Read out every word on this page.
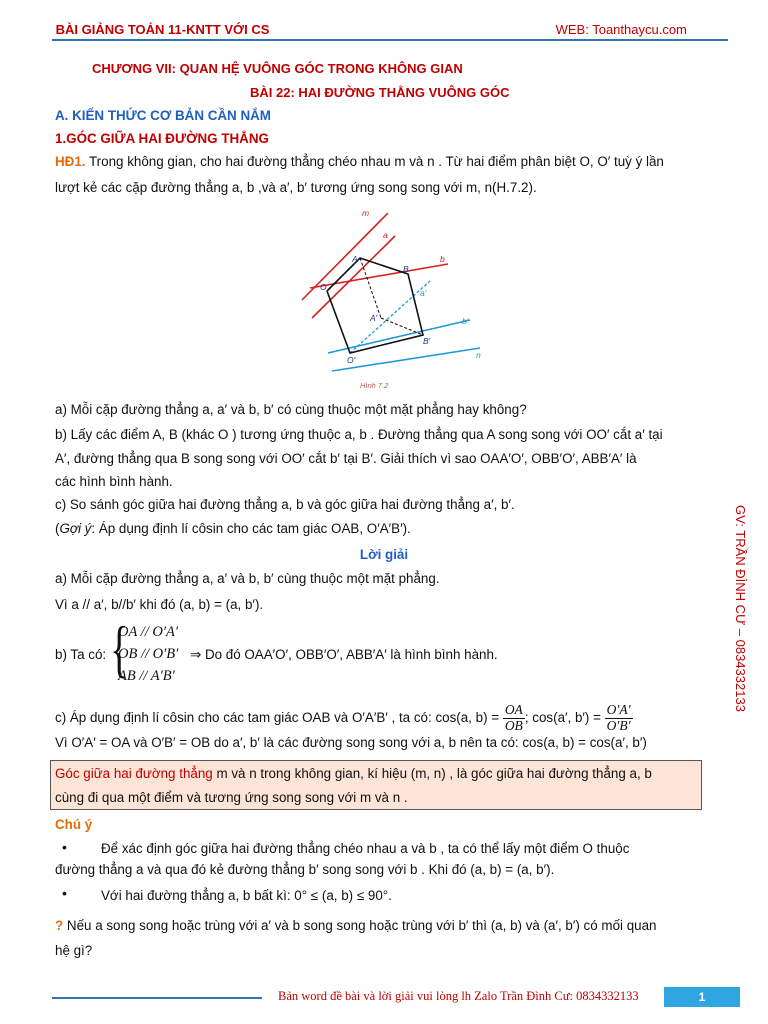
BÀI GIẢNG TOÁN 11-KNTT VỚI CS	WEB: Toanthaycu.com
CHƯƠNG VII: QUAN HỆ VUÔNG GÓC TRONG KHÔNG GIAN
BÀI 22: HAI ĐƯỜNG THẲNG VUÔNG GÓC
A. KIẾN THỨC CƠ BẢN CẦN NẮM
1.GÓC GIỮA HAI ĐƯỜNG THẲNG
HĐ1. Trong không gian, cho hai đường thẳng chéo nhau m và n . Từ hai điểm phân biệt O, O′ tuỳ ý lần
lượt kẻ các cặp đường thẳng a, b ,và a′, b′ tương ứng song song với m, n(H.7.2).
m
a
A
B
b
O
a′
A′
B′
b′
O′	n
Hình 7.2
a) Mỗi cặp đường thẳng a, a′ và b, b′ có cùng thuộc một mặt phẳng hay không?
b) Lấy các điểm A, B (khác O ) tương ứng thuộc a, b . Đường thẳng qua A song song với OO′ cắt a′ tại
A′, đường thẳng qua B song song với OO′ cắt b′ tại B′. Giải thích vì sao OAA′O′, OBB′O′, ABB′A′ là
các hình bình hành.
c) So sánh góc giữa hai đường thẳng a, b và góc giữa hai đường thẳng a′, b′.
(Gợi ý: Áp dụng định lí côsin cho các tam giác OAB, O′A′B′).
Lời giải
a) Mỗi cặp đường thẳng a, a′ và b, b′ cùng thuộc một mặt phẳng.
Vì a // a′, b//b′ khi đó (a, b) = (a, b′).
b) Ta có: {
OA // O′A′
OB // O′B′
AB // A′B′
⇒ Do đó OAA′O′, OBB′O′, ABB′A′ là hình bình hành.
c) Áp dụng định lí côsin cho các tam giác OAB và O′A′B′ , ta có: cos(a, $b) = \frac{OA}{OB}$ ; cos(a′, $b') = \frac{O'A'}{O'B'}$
Vì O′A′ = OA và O′B′ = OB do a′, b′ là các đường song song với a, b nên ta có: cos(a, b) = cos(a′, b′)
Góc giữa hai đường thẳng m và n trong không gian, kí hiệu (m, n) , là góc giữa hai đường thẳng a, b
cùng đi qua một điểm và tương ứng song song với m và n .
Chú ý
•	Để xác định góc giữa hai đường thẳng chéo nhau a và b , ta có thể lấy một điểm O thuộc
đường thẳng a và qua đó kẻ đường thẳng b′ song song với b . Khi đó (a, b) = (a, b′).
•	Với hai đường thẳng a, b bất kì: 0° ≤ (a, b) ≤ 90°.
? Nếu a song song hoặc trùng với a′ và b song song hoặc trùng với b′ thì (a, b) và (a′, b′) có mối quan
hệ gì?
GV: TRẦN ĐÌNH CƯ – 0834332133
Bản word đề bài và lời giải vui lòng lh Zalo Trần Đình Cư: 0834332133	1
